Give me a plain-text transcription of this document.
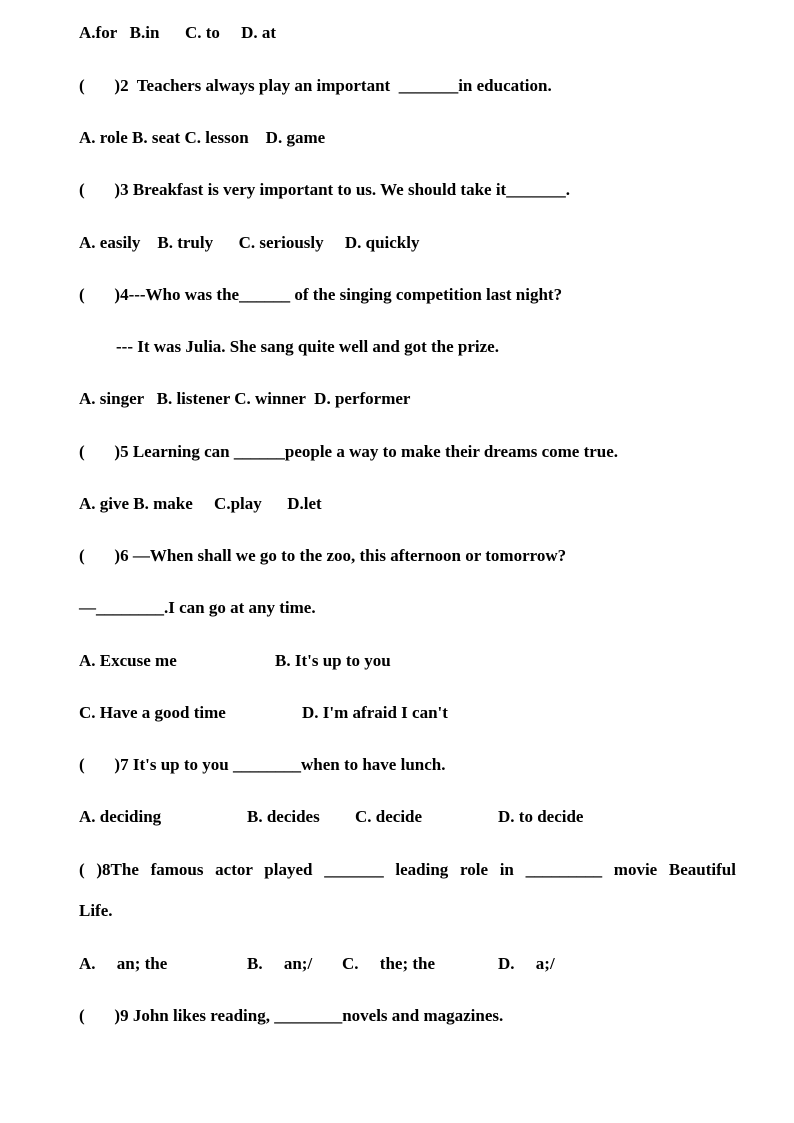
A.for   B.in      C. to     D. at
(       )2  Teachers always play an important  _______in education.
A. role B. seat C. lesson    D. game
(       )3 Breakfast is very important to us. We should take it_______.
A. easily    B. truly      C. seriously     D. quickly
(       )4---Who was the______ of the singing competition last night?
--- It was Julia. She sang quite well and got the prize.
A. singer   B. listener C. winner  D. performer
(       )5 Learning can ______people a way to make their dreams come true.
A. give B. make     C.play      D.let
(       )6 —When shall we go to the zoo, this afternoon or tomorrow?
—________.I can go at any time.
A. Excuse me	B. It's up to you
C. Have a good time	D. I'm afraid I can't
(       )7 It's up to you ________when to have lunch.
A. deciding	B. decides C. decide	D. to decide
( )8The famous actor played _______ leading role in _________ movie Beautiful
Life.
A.     an; the	B.     an;/ C.     the; the	D.     a;/
(       )9 John likes reading, ________novels and magazines.
